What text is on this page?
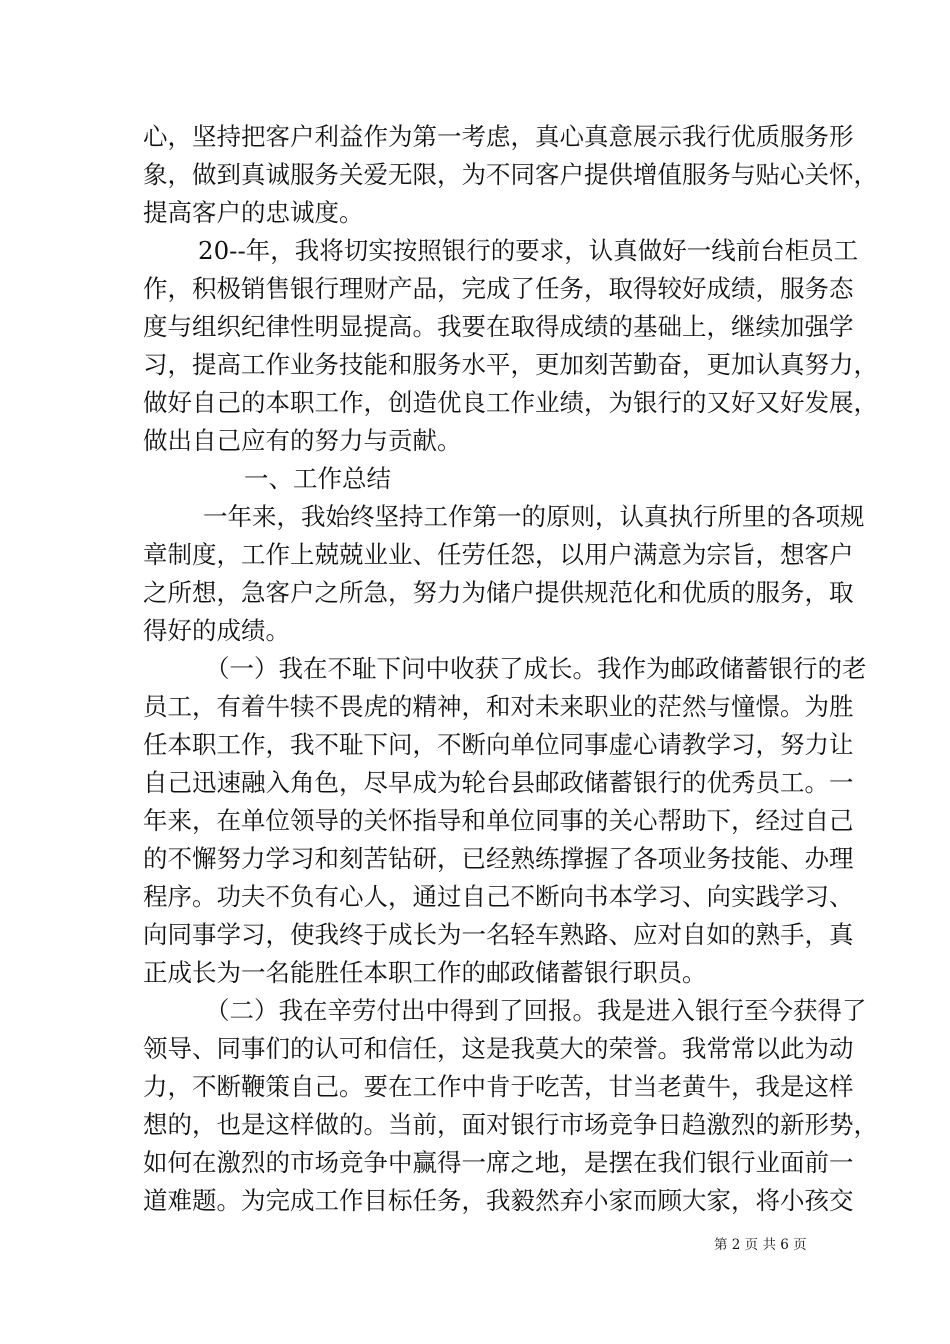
心，坚持把客户利益作为第一考虑，真心真意展示我行优质服务形
象，做到真诚服务关爱无限，为不同客户提供增值服务与贴心关怀，
提高客户的忠诚度。
20--年，我将切实按照银行的要求，认真做好一线前台柜员工
作，积极销售银行理财产品，完成了任务，取得较好成绩，服务态
度与组织纪律性明显提高。我要在取得成绩的基础上，继续加强学
习，提高工作业务技能和服务水平，更加刻苦勤奋，更加认真努力，
做好自己的本职工作，创造优良工作业绩，为银行的又好又好发展，
做出自己应有的努力与贡献。
一、工作总结
一年来，我始终坚持工作第一的原则，认真执行所里的各项规
章制度，工作上兢兢业业、任劳任怨，以用户满意为宗旨，想客户
之所想，急客户之所急，努力为储户提供规范化和优质的服务，取
得好的成绩。
（一）我在不耻下问中收获了成长。我作为邮政储蓄银行的老
员工，有着牛犊不畏虎的精神，和对未来职业的茫然与憧憬。为胜
任本职工作，我不耻下问，不断向单位同事虚心请教学习，努力让
自己迅速融入角色，尽早成为轮台县邮政储蓄银行的优秀员工。一
年来，在单位领导的关怀指导和单位同事的关心帮助下，经过自己
的不懈努力学习和刻苦钻研，已经熟练撑握了各项业务技能、办理
程序。功夫不负有心人，通过自己不断向书本学习、向实践学习、
向同事学习，使我终于成长为一名轻车熟路、应对自如的熟手，真
正成长为一名能胜任本职工作的邮政储蓄银行职员。
（二）我在辛劳付出中得到了回报。我是进入银行至今获得了
领导、同事们的认可和信任，这是我莫大的荣誉。我常常以此为动
力，不断鞭策自己。要在工作中肯于吃苦，甘当老黄牛，我是这样
想的，也是这样做的。当前，面对银行市场竞争日趋激烈的新形势，
如何在激烈的市场竞争中赢得一席之地，是摆在我们银行业面前一
道难题。为完成工作目标任务，我毅然弃小家而顾大家，将小孩交
第 2 页 共 6 页
